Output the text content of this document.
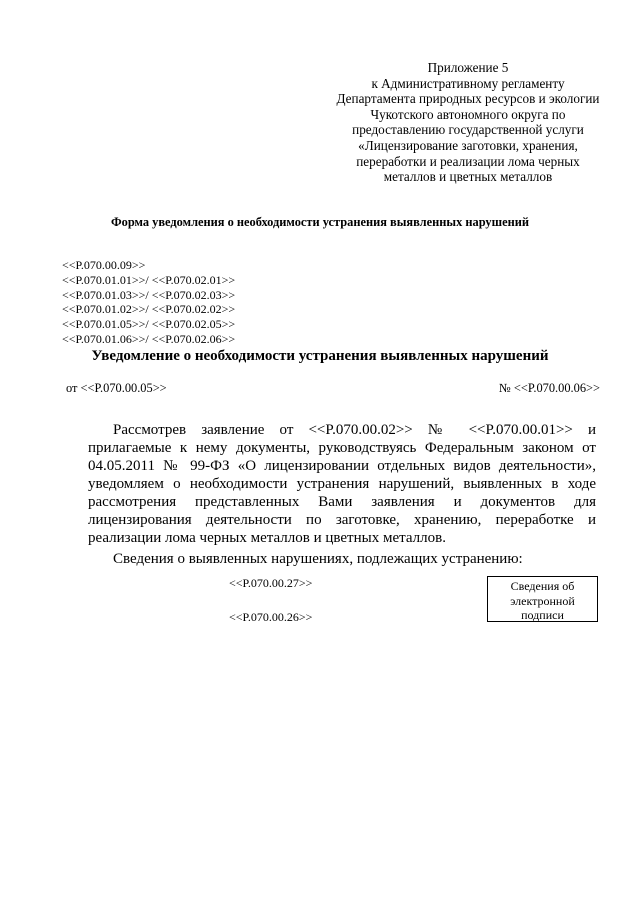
Приложение 5
к Административному регламенту
Департамента природных ресурсов и экологии
Чукотского автономного округа по
предоставлению государственной услуги
«Лицензирование заготовки, хранения,
переработки и реализации лома черных
металлов и цветных металлов
Форма уведомления о необходимости устранения выявленных нарушений
<<P.070.00.09>>
<<P.070.01.01>>/ <<P.070.02.01>>
<<P.070.01.03>>/ <<P.070.02.03>>
<<P.070.01.02>>/ <<P.070.02.02>>
<<P.070.01.05>>/ <<P.070.02.05>>
<<P.070.01.06>>/ <<P.070.02.06>>
Уведомление о необходимости устранения выявленных нарушений
от <<P.070.00.05>>	№ <<P.070.00.06>>

Рассмотрев заявление от <<P.070.00.02>> № <<P.070.00.01>> и прилагаемые к нему документы, руководствуясь Федеральным законом от 04.05.2011 № 99-ФЗ «О лицензировании отдельных видов деятельности», уведомляем о необходимости устранения нарушений, выявленных в ходе рассмотрения представленных Вами заявления и документов для лицензирования деятельности по заготовке, хранению, переработке и реализации лома черных металлов и цветных металлов.

Сведения о выявленных нарушениях, подлежащих устранению:

<<P.070.00.27>>
<<P.070.00.26>>
Сведения об
электронной
подписи
